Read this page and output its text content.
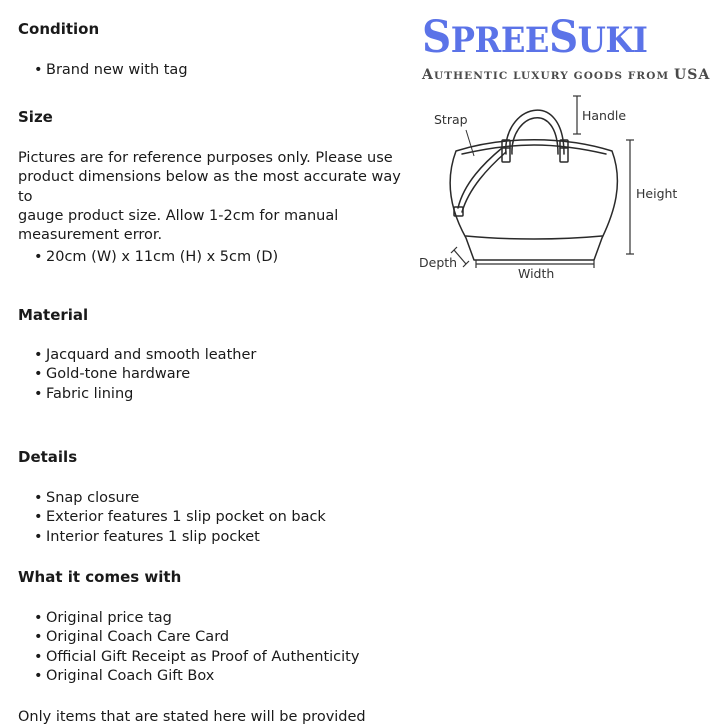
Condition
• Brand new with tag
Size
Pictures are for reference purposes only. Please use
product dimensions below as the most accurate way to
gauge product size. Allow 1-2cm for manual
measurement error.
• 20cm (W) x 11cm (H) x 5cm (D)
Material
• Jacquard and smooth leather
• Gold-tone hardware
• Fabric lining
Details
• Snap closure
• Exterior features 1 slip pocket on back
• Interior features 1 slip pocket
What it comes with
• Original price tag
• Original Coach Care Card
• Official Gift Receipt as Proof of Authenticity
• Original Coach Gift Box

Only items that are stated here will be provided

SPREESUKI
AUTHENTIC LUXURY GOODS FROM USA
Strap	Handle
Height
Depth
Width
